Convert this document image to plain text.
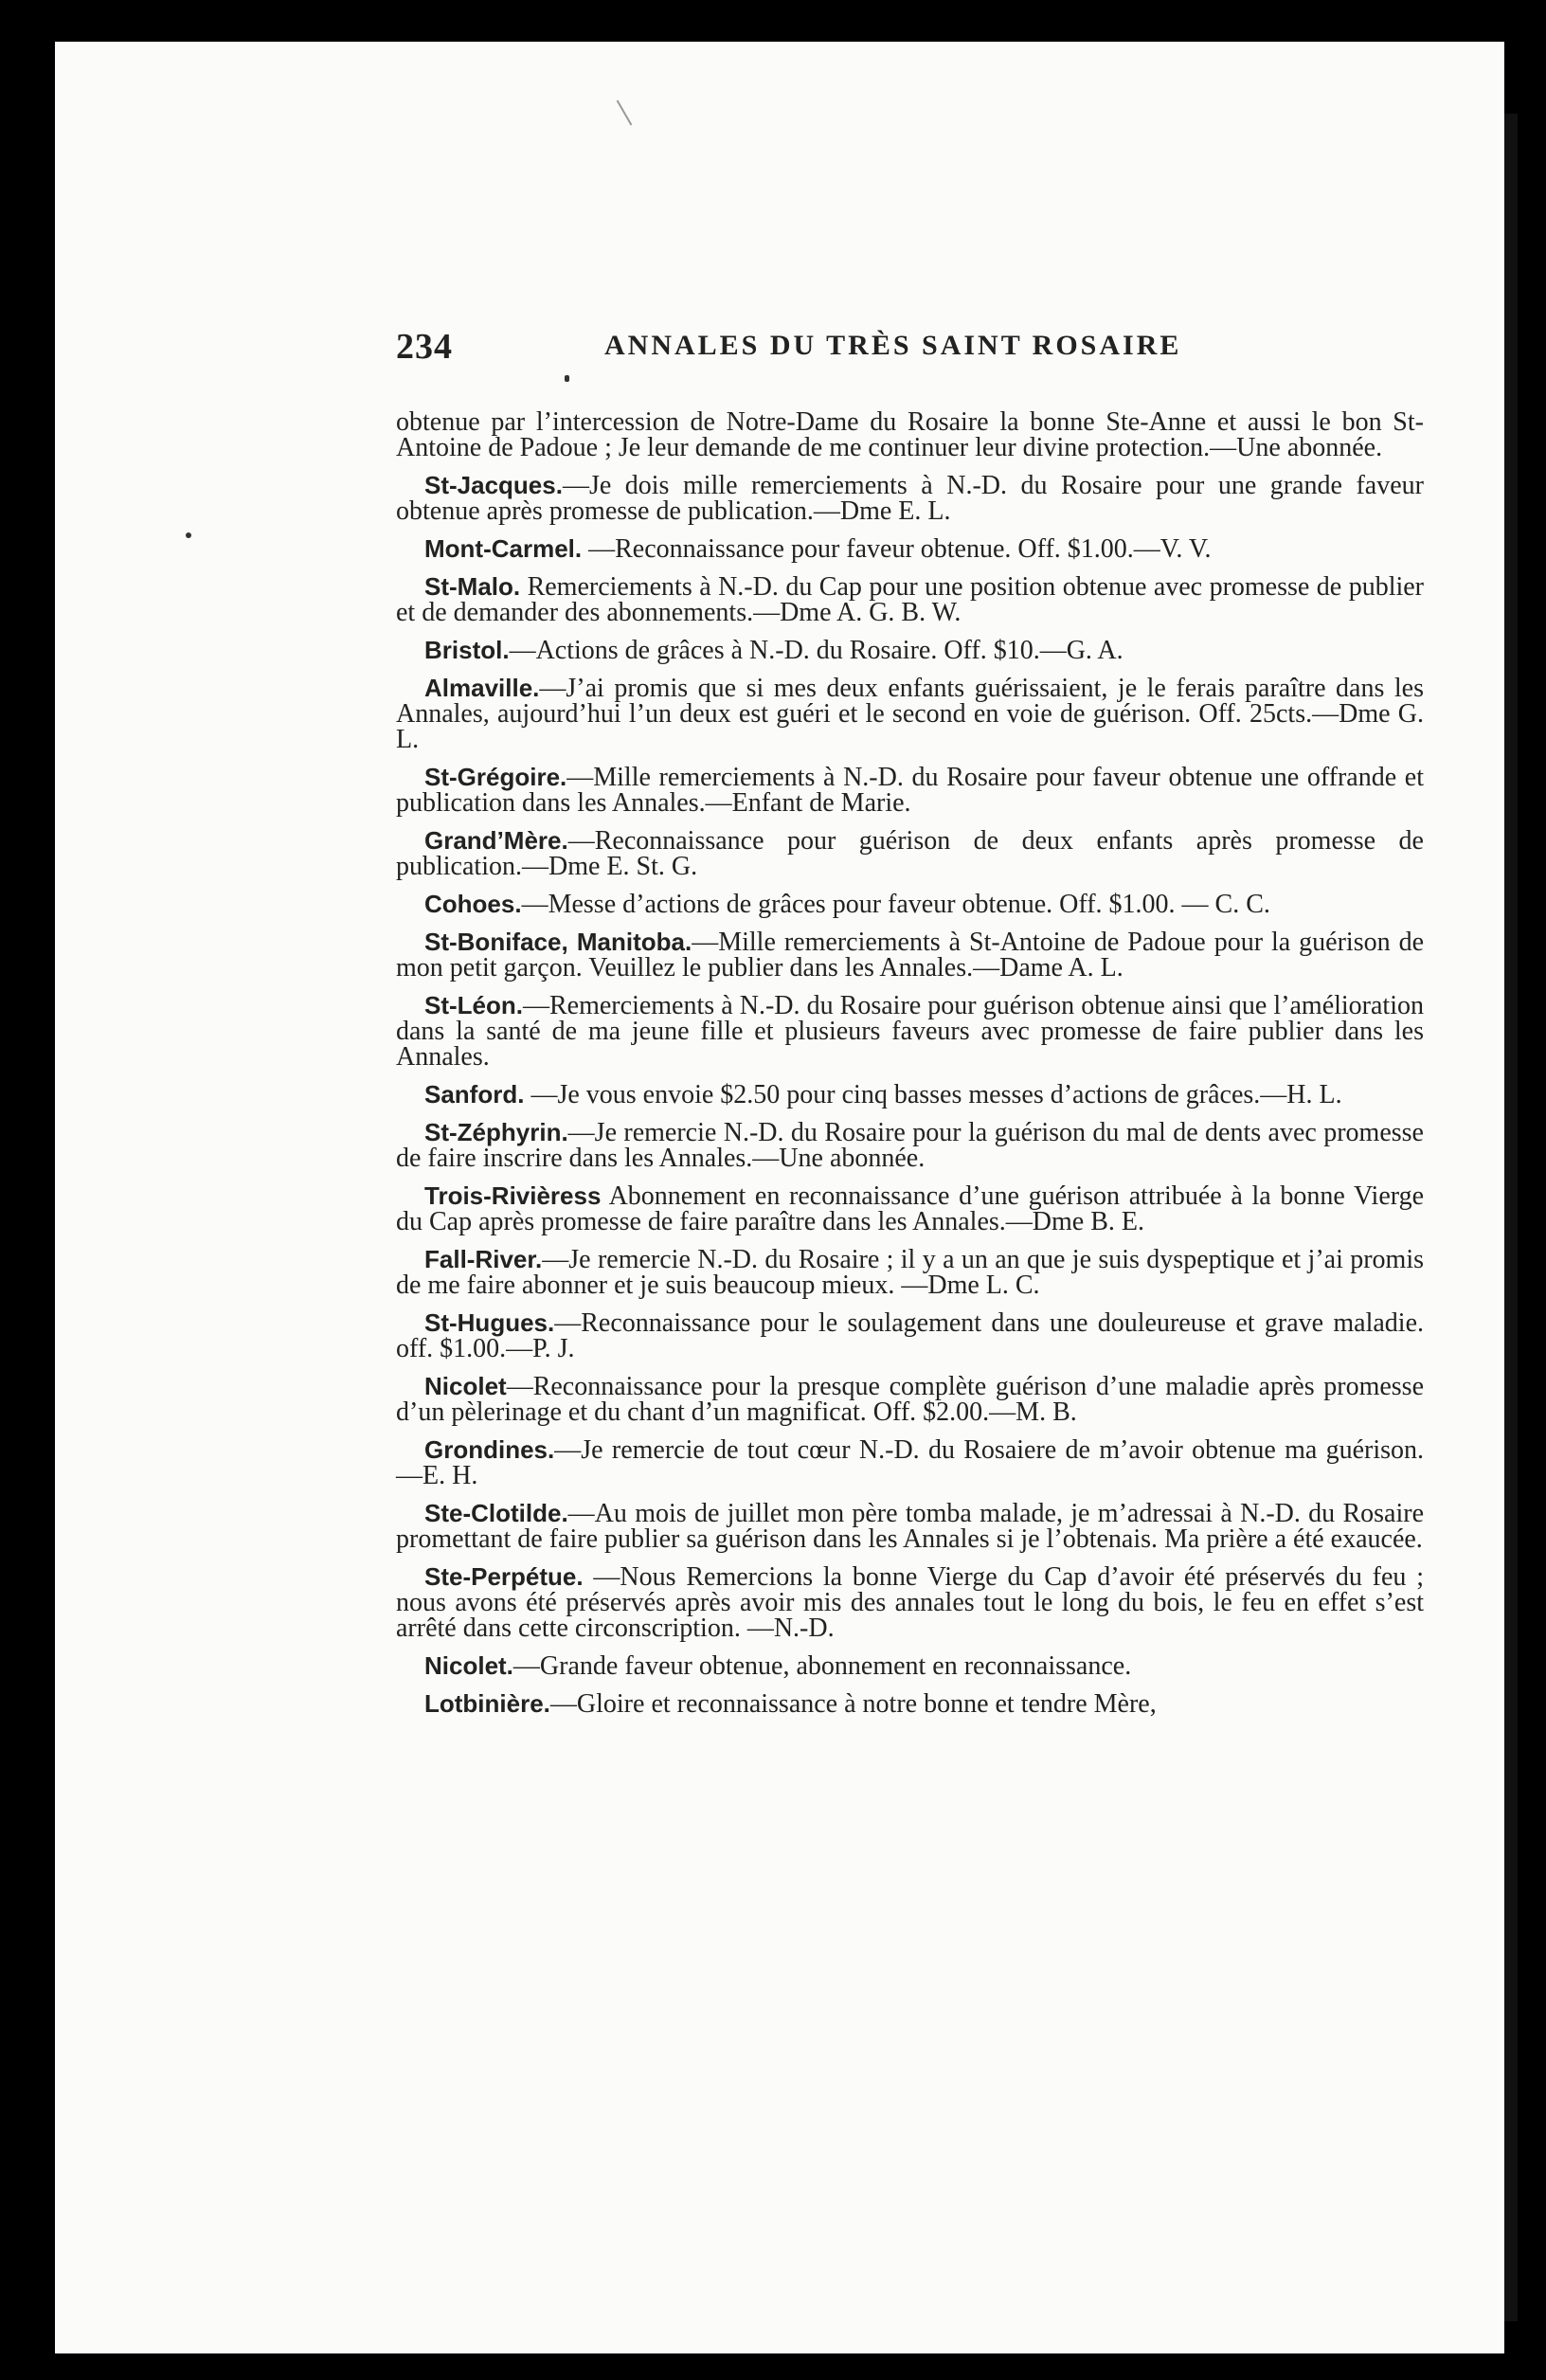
234	ANNALES DU TRÈS SAINT ROSAIRE

obtenue par l’intercession de Notre-Dame du Rosaire la bonne Ste-Anne et aussi le bon St-Antoine de Padoue ; Je leur demande de me continuer leur divine protection.—Une abonnée.

St-Jacques.—Je dois mille remerciements à N.-D. du Rosaire pour une grande faveur obtenue après promesse de publication.—Dme E. L.

Mont-Carmel. —Reconnaissance pour faveur obtenue. Off. $1.00.—V. V.

St-Malo. Remerciements à N.-D. du Cap pour une position obtenue avec promesse de publier et de demander des abonnements.—Dme A. G. B. W.

Bristol.—Actions de grâces à N.-D. du Rosaire. Off. $10.—G. A.

Almaville.—J’ai promis que si mes deux enfants guérissaient, je le ferais paraître dans les Annales, aujourd’hui l’un deux est guéri et le second en voie de guérison. Off. 25cts.—Dme G. L.

St-Grégoire.—Mille remerciements à N.-D. du Rosaire pour faveur obtenue une offrande et publication dans les Annales.—Enfant de Marie.

Grand’Mère.—Reconnaissance pour guérison de deux enfants après promesse de publication.—Dme E. St. G.

Cohoes.—Messe d’actions de grâces pour faveur obtenue. Off. $1.00. — C. C.

St-Boniface, Manitoba.—Mille remerciements à St-Antoine de Padoue pour la guérison de mon petit garçon. Veuillez le publier dans les Annales.—Dame A. L.

St-Léon.—Remerciements à N.-D. du Rosaire pour guérison obtenue ainsi que l’amélioration dans la santé de ma jeune fille et plusieurs faveurs avec promesse de faire publier dans les Annales.

Sanford. —Je vous envoie $2.50 pour cinq basses messes d’actions de grâces.—H. L.

St-Zéphyrin.—Je remercie N.-D. du Rosaire pour la guérison du mal de dents avec promesse de faire inscrire dans les Annales.—Une abonnée.

Trois-Rivièress Abonnement en reconnaissance d’une guérison attribuée à la bonne Vierge du Cap après promesse de faire paraître dans les Annales.—Dme B. E.

Fall-River.—Je remercie N.-D. du Rosaire ; il y a un an que je suis dyspeptique et j’ai promis de me faire abonner et je suis beaucoup mieux. —Dme L. C.

St-Hugues.—Reconnaissance pour le soulagement dans une douleureuse et grave maladie. off. $1.00.—P. J.

Nicolet—Reconnaissance pour la presque complète guérison d’une maladie après promesse d’un pèlerinage et du chant d’un magnificat. Off. $2.00.—M. B.

Grondines.—Je remercie de tout cœur N.-D. du Rosaiere de m’avoir obtenue ma guérison.—E. H.

Ste-Clotilde.—Au mois de juillet mon père tomba malade, je m’adressai à N.-D. du Rosaire promettant de faire publier sa guérison dans les Annales si je l’obtenais. Ma prière a été exaucée.

Ste-Perpétue. —Nous Remercions la bonne Vierge du Cap d’avoir été préservés du feu ; nous avons été préservés après avoir mis des annales tout le long du bois, le feu en effet s’est arrêté dans cette circonscription. —N.-D.

Nicolet.—Grande faveur obtenue, abonnement en reconnaissance.

Lotbinière.—Gloire et reconnaissance à notre bonne et tendre Mère,
